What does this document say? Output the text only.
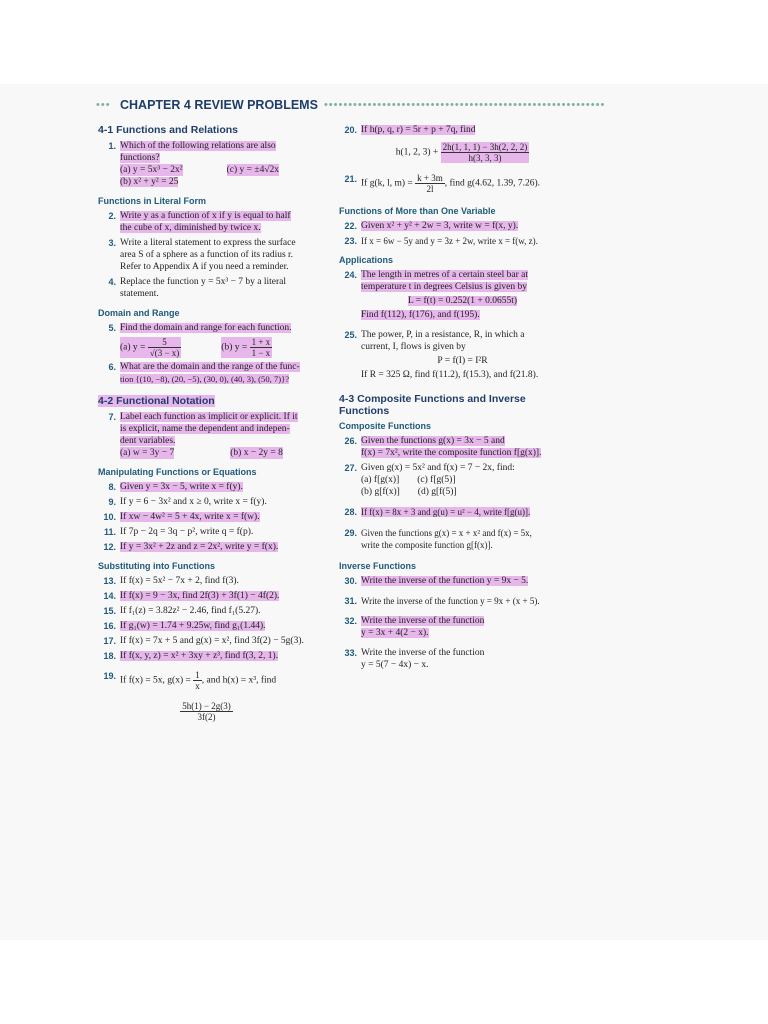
••• CHAPTER 4 REVIEW PROBLEMS ••••••••••••••••••••••••••••••••••••••••••••••••••••••••••
4-1 Functions and Relations
1. Which of the following relations are also
functions?
(a) y = 5x³ − 2x²	(c) y = ±4√2x
(b) x² + y² = 25
Functions in Literal Form
2. Write y as a function of x if y is equal to half
the cube of x, diminished by twice x.
3. Write a literal statement to express the surface
area S of a sphere as a function of its radius r.
Refer to Appendix A if you need a reminder.
4. Replace the function y = 5x³ − 7 by a literal
statement.
Domain and Range
5. Find the domain and range for each function.
(a) $y = \frac{5}{√(3 - x)}$	(b) $y = \frac{1 + x}{1 - x}$
6. What are the domain and the range of the func-
tion {(10, −8), (20, −5), (30, 0), (40, 3), (50, 7)}?
4-2 Functional Notation
7. Label each function as implicit or explicit. If it
is explicit, name the dependent and indepen-
dent variables.
(a) w = 3y − 7	(b) x − 2y = 8
Manipulating Functions or Equations
8. Given y = 3x − 5, write x = f(y).
9. If y = 6 − 3x² and x ≥ 0, write x = f(y).
10. If xw − 4w² = 5 + 4x, write x = f(w).
11. If 7p − 2q = 3q − p², write q = f(p).
12. If y = 3x² + 2z and z = 2x², write y = f(x).
Substituting into Functions
13. If f(x) = 5x² − 7x + 2, find f(3).
14. If f(x) = 9 − 3x, find 2f(3) + 3f(1) − 4f(2).
15. If f₁(z) = 3.82z² − 2.46, find f₁(5.27).
16. If g₁(w) = 1.74 + 9.25w, find g₁(1.44).
17. If f(x) = 7x + 5 and g(x) = x², find 3f(2) − 5g(3).
18. If f(x, y, z) = x² + 3xy + z³, find f(3, 2, 1).
19. If f(x) = 5x, $g(x) = \frac{1}{x}$ , and h(x) = x³, find
$\frac{5h(1) - 2g(3)}{3f(2)}$
20. If h(p, q, r) = 5r + p + 7q, find
h(1, 2, $3) + \frac{2h(1, 1, 1) - 3h(2, 2, 2)}{h(3, 3, 3)}$
21. If g(k, l, $m) = \frac{k + 3m}{2l}$ , find g(4.62, 1.39, 7.26).
Functions of More than One Variable
22. Given x² + y² + 2w = 3, write w = f(x, y).
23. If x = 6w − 5y and y = 3z + 2w, write x = f(w, z).
Applications
24. The length in metres of a certain steel bar at
temperature t in degrees Celsius is given by
L = f(t) = 0.252(1 + 0.0655t)
Find f(112), f(176), and f(195).
25. The power, P, in a resistance, R, in which a
current, I, flows is given by
P = f(I) = I²R
If R = 325 Ω, find f(11.2), f(15.3), and f(21.8).
4-3 Composite Functions and Inverse
Functions
Composite Functions
26. Given the functions g(x) = 3x − 5 and
f(x) = 7x², write the composite function f[g(x)].
27. Given g(x) = 5x² and f(x) = 7 − 2x, find:
(a) f[g(x)] (c) f[g(5)]
(b) g[f(x)] (d) g[f(5)]
28. If f(x) = 8x + 3 and g(u) = u² − 4, write f[g(u)].
29. Given the functions g(x) = x + x² and f(x) = 5x,
write the composite function g[f(x)].
Inverse Functions
30. Write the inverse of the function y = 9x − 5.
31. Write the inverse of the function y = 9x + (x + 5).
32. Write the inverse of the function
y = 3x + 4(2 − x).
33. Write the inverse of the function
y = 5(7 − 4x) − x.
